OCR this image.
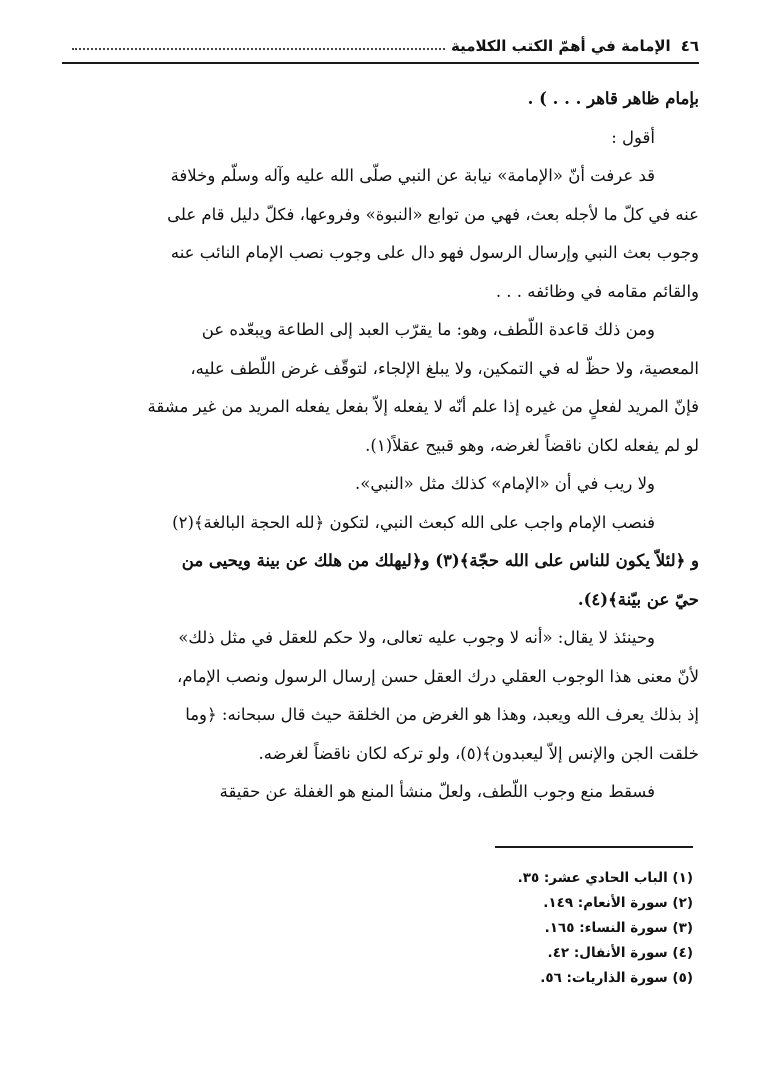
٤٦
الإمامة في أهمّ الكتب الكلامية
بإمام ظاهر قاهر . . . ) .
أقول :
قد عرفت أنّ «الإمامة» نيابة عن النبي صلّى الله عليه وآله وسلّم وخلافة
عنه في كلّ ما لأجله بعث، فهي من توابع «النبوة» وفروعها، فكلّ دليل قام على
وجوب بعث النبي وإرسال الرسول فهو دال على وجوب نصب الإمام النائب عنه
والقائم مقامه في وظائفه . . .
ومن ذلك قاعدة اللّطف، وهو: ما يقرّب العبد إلى الطاعة ويبعّده عن
المعصية، ولا حظّ له في التمكين، ولا يبلغ الإلجاء، لتوقّف غرض اللّطف عليه،
فإنّ المريد لفعلٍ من غيره إذا علم أنّه لا يفعله إلاّ بفعل يفعله المريد من غير مشقة
لو لم يفعله لكان ناقضاً لغرضه، وهو قبيح عقلاً(١).
ولا ريب في أن «الإمام» كذلك مثل «النبي».
فنصب الإمام واجب على الله كبعث النبي، لتكون ﴿لله الحجة البالغة﴾(٢)
و ﴿لئلاّ يكون للناس على الله حجّة﴾(٣) و﴿ليهلك من هلك عن بينة ويحيى من
حيّ عن بيّنة﴾(٤).
وحينئذ لا يقال: «أنه لا وجوب عليه تعالى، ولا حكم للعقل في مثل ذلك»
لأنّ معنى هذا الوجوب العقلي درك العقل حسن إرسال الرسول ونصب الإمام،
إذ بذلك يعرف الله ويعبد، وهذا هو الغرض من الخلقة حيث قال سبحانه: ﴿وما
خلقت الجن والإنس إلاّ ليعبدون﴾(٥)، ولو تركه لكان ناقضاً لغرضه.
فسقط منع وجوب اللّطف، ولعلّ منشأ المنع هو الغفلة عن حقيقة
(١) الباب الحادي عشر: ٣٥.
(٢) سورة الأنعام: ١٤٩.
(٣) سورة النساء: ١٦٥.
(٤) سورة الأنفال: ٤٢.
(٥) سورة الذاريات: ٥٦.
